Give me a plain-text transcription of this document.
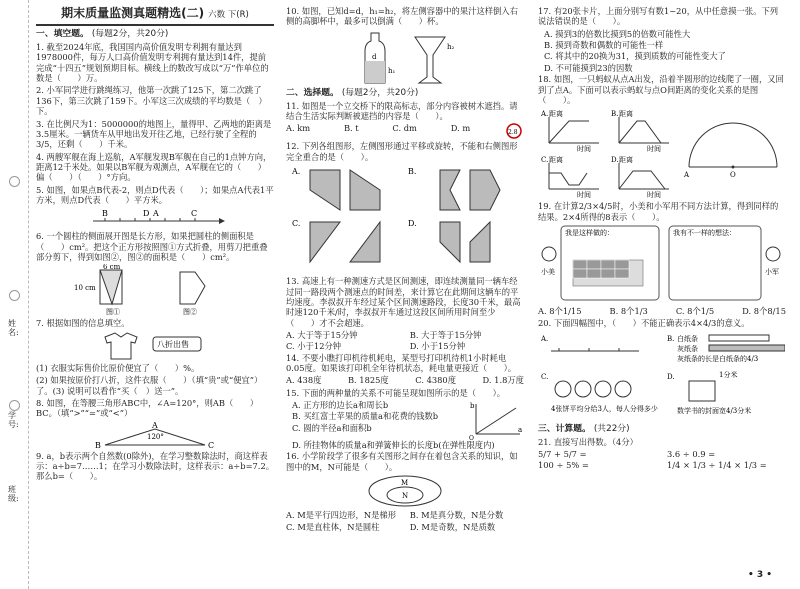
姓名:
学号:
班级:
期末质量监测真题精选(二) 六数 下(R)
一、填空题。 (每题2分，共20分)
1. 截至2024年底，我国国内高价值发明专利拥有量达到1978000件，每万人口高价值发明专利拥有量达到14件，提前完成“十四五”规划预期目标。横线上的数改写成以“万”作单位的数是（　　）万。
2. 小军同学进行跳绳练习，他第一次跳了125下，第二次跳了136下，第三次跳了159下。小军这三次成绩的平均数是（　）下。
3. 在比例尺为1：5000000的地图上，量得甲、乙两地的距离是3.5厘米。一辆货车从甲地出发开往乙地，已经行驶了全程的3/5，还剩（　　）千米。
4. 两艘军舰在海上巡航，A军舰发现B军舰在自己的1点钟方向，距离12千米处。如果以B军舰为观测点，A军舰在它的（　　）偏（　　）（　　）°方向。
5. 如图，如果点B代表-2，则点D代表（　　）；如果点A代表1平方米，则点D代表（　　）平方米。
B	D A	C
6. 一个圆柱的侧面展开图是长方形，如果把圆柱的侧面积是（　　）cm²。把这个正方形按照图①方式折叠，用剪刀把重叠部分剪下，得到如图②，图②的面积是（　　）cm²。
6 cm
10 cm
图①	图②
7. 根据如图的信息填空。
八折出售
(1) 衣服实际售价比原价便宜了（　　）%。
(2) 如果按原价打八折，这件衣服（　　）（填“贵”或“便宜”）了。(3) 说明可以看作“买（　）送一”。
8. 如图，在等腰三角形ABC中，∠A=120°，则AB（　　）BC。（填“>”“=”或“<”）
A
B	C
120°
9. a，b表示两个自然数(0除外)，在学习整数除法时，商这样表示：a÷b=7……1；在学习小数除法时，这样表示：a÷b=7.2。那么b=（　　）。
10. 如图，已知d=d，h₁=h₂，将左侧容器中的果汁这样倒入右侧的高脚杯中，最多可以倒满（　　）杯。
d
h₁
h₂
二、选择题。 (每题2分，共20分)
11. 如图是一个立交桥下的限高标志，部分内容被树木遮挡。请结合生活实际判断被遮挡的内容是（　　）。
A. km	B. t	C. dm	D. m	2.8
12. 下列各组图形，左侧图形通过平移或旋转，不能和右侧图形完全重合的是（　　）。
A.	B.
C.	D.
13. 高速上有一种测速方式是区间测速，即连续测量同一辆车经过同一路段两个测速点的时间差，来计算它在此期间这辆车的平均速度。李叔叔开车经过某个区间测速路段，长度30千米，最高时速120千米/时，李叔叔开车通过这段区间所用时间至少（　　）才不会超速。
A. 大于等于15分钟	B. 大于等于15分钟
C. 小于12分钟	D. 小于15分钟
14. 不要小瞧打印机待机耗电，某型号打印机待机1小时耗电0.05度。如果该打印机全年待机状态，耗电量更接近（　　）。
A. 438度	B. 1825度	C. 4380度	D. 1.8万度
15. 下面的两种量的关系不可能呈现如图所示的是（　　）。
A. 正方形的边长a和周长b
B. 买红富士苹果的质量a和花费的钱数b
C. 圆的半径a和面积b
b
a
O
D. 所挂物体的质量a和弹簧伸长的长度b(在弹性限度内)
16. 小学阶段学了很多有关图形之间存在着包含关系的知识，如图中的M，N可能是（　　）。
M
N
A. M是平行四边形，N是梯形	B. M是真分数，N是分数
C. M是直柱体，N是圆柱	D. M是奇数，N是质数
17. 有20张卡片，上面分别写有数1~20，从中任意摸一张。下列说法错误的是（　　）。
A. 摸到3的倍数比摸到5的倍数可能性大
B. 摸到奇数和偶数的可能性一样
C. 将其中的20换为31，摸到质数的可能性变大了
D. 不可能摸到23的因数
18. 如图，一只蚂蚁从点A出发，沿着半圆形的边线爬了一圈，又回到了点A。下面可以表示蚂蚁与点O间距离的变化关系的是图（　　）。
A. 距离
时间
B. 距离
时间
C. 距离
时间
D. 距离
时间
A	O
19. 在计算2/3×4/5时，小美和小军用不同方法计算，得到同样的结果。2×4所得的8表示（　　）。
我是这样做的：	我有不一样的想法：
小美	小军
A. 8个1/15	B. 8个1/3	C. 8个1/5	D. 8个8/15
20. 下面四幅图中，（　　）不能正确表示4×4/3的意义。
A.	B. 白纸条
灰纸条
灰纸条的长是白纸条的4/3
C.
4张饼平均分给3人，每人分得多少
D.	1分米
数学书的封面宽4/3分米
三、计算题。 (共22分)
21. 直接写出得数。（4分）
5/7 + 5/7 =	3.6 ÷ 0.9 =
100 ÷ 5% =	1/4 × 1/3 ÷ 1/4 × 1/3 =
• 3 •
